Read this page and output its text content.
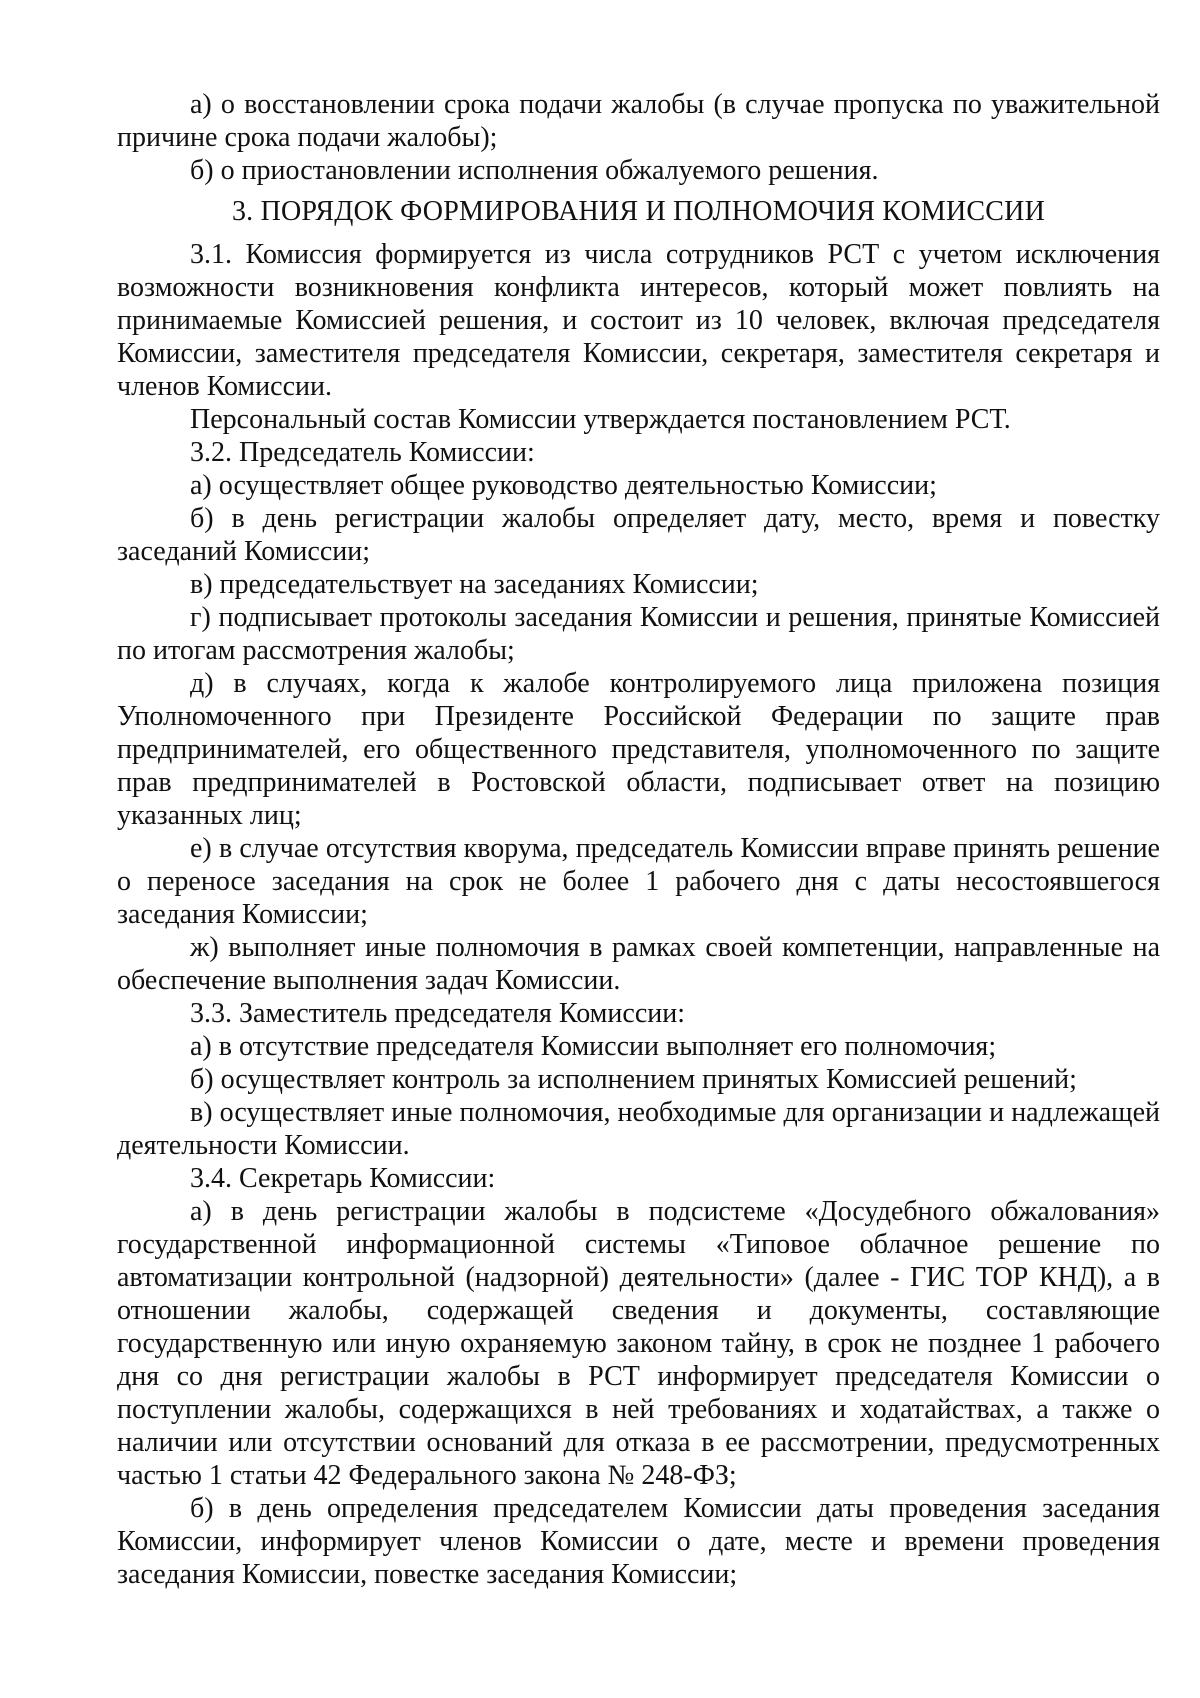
а) о восстановлении срока подачи жалобы (в случае пропуска по уважительной причине срока подачи жалобы);

б) о приостановлении исполнения обжалуемого решения.

3. ПОРЯДОК ФОРМИРОВАНИЯ И ПОЛНОМОЧИЯ КОМИССИИ

3.1. Комиссия формируется из числа сотрудников РСТ с учетом исключения возможности возникновения конфликта интересов, который может повлиять на принимаемые Комиссией решения, и состоит из 10 человек, включая председателя Комиссии, заместителя председателя Комиссии, секретаря, заместителя секретаря и членов Комиссии.

Персональный состав Комиссии утверждается постановлением РСТ.

3.2. Председатель Комиссии:

а) осуществляет общее руководство деятельностью Комиссии;

б) в день регистрации жалобы определяет дату, место, время и повестку заседаний Комиссии;

в) председательствует на заседаниях Комиссии;

г) подписывает протоколы заседания Комиссии и решения, принятые Комиссией по итогам рассмотрения жалобы;

д) в случаях, когда к жалобе контролируемого лица приложена позиция Уполномоченного при Президенте Российской Федерации по защите прав предпринимателей, его общественного представителя, уполномоченного по защите прав предпринимателей в Ростовской области, подписывает ответ на позицию указанных лиц;

е) в случае отсутствия кворума, председатель Комиссии вправе принять решение о переносе заседания на срок не более 1 рабочего дня с даты несостоявшегося заседания Комиссии;

ж) выполняет иные полномочия в рамках своей компетенции, направленные на обеспечение выполнения задач Комиссии.

3.3. Заместитель председателя Комиссии:

а) в отсутствие председателя Комиссии выполняет его полномочия;

б) осуществляет контроль за исполнением принятых Комиссией решений;

в) осуществляет иные полномочия, необходимые для организации и надлежащей деятельности Комиссии.

3.4. Секретарь Комиссии:

а) в день регистрации жалобы в подсистеме «Досудебного обжалования» государственной информационной системы «Типовое облачное решение по автоматизации контрольной (надзорной) деятельности» (далее - ГИС ТОР КНД), а в отношении жалобы, содержащей сведения и документы, составляющие государственную или иную охраняемую законом тайну, в срок не позднее 1 рабочего дня со дня регистрации жалобы в РСТ информирует председателя Комиссии о поступлении жалобы, содержащихся в ней требованиях и ходатайствах, а также о наличии или отсутствии оснований для отказа в ее рассмотрении, предусмотренных частью 1 статьи 42 Федерального закона № 248-ФЗ;

б) в день определения председателем Комиссии даты проведения заседания Комиссии, информирует членов Комиссии о дате, месте и времени проведения заседания Комиссии, повестке заседания Комиссии;
